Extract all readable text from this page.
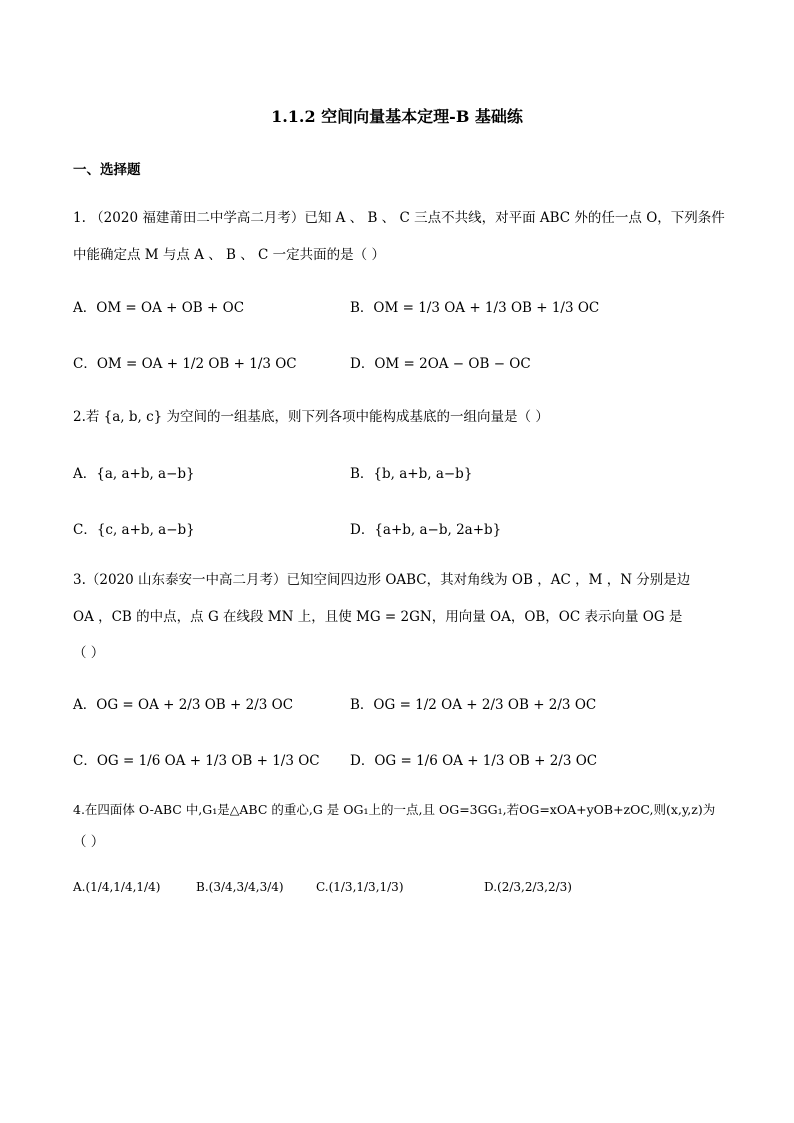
1.1.2 空间向量基本定理-B 基础练
一、选择题
1. （2020 福建莆田二中学高二月考）已知 A 、 B 、 C 三点不共线，对平面 ABC 外的任一点 O，下列条件
中能确定点 M 与点 A 、 B 、 C 一定共面的是（ ）
A．OM = OA + OB + OC	B．OM = 1/3 OA + 1/3 OB + 1/3 OC
C．OM = OA + 1/2 OB + 1/3 OC	D．OM = 2OA − OB − OC
2.若 {a, b, c} 为空间的一组基底，则下列各项中能构成基底的一组向量是（ ）
A．{a, a+b, a−b}	B．{b, a+b, a−b}
C．{c, a+b, a−b}	D．{a+b, a−b, 2a+b}
3.（2020 山东泰安一中高二月考）已知空间四边形 OABC，其对角线为 OB ，AC ，M ，N 分别是边
OA ，CB 的中点，点 G 在线段 MN 上，且使 MG = 2GN，用向量 OA，OB，OC 表示向量 OG 是
（ ）
A．OG = OA + 2/3 OB + 2/3 OC	B．OG = 1/2 OA + 2/3 OB + 2/3 OC
C．OG = 1/6 OA + 1/3 OB + 1/3 OC D．OG = 1/6 OA + 1/3 OB + 2/3 OC
4.在四面体 O-ABC 中,G₁是△ABC 的重心,G 是 OG₁上的一点,且 OG=3GG₁,若OG=xOA+yOB+zOC,则(x,y,z)为
（ ）
A.(1/4,1/4,1/4)	B.(3/4,3/4,3/4)	C.(1/3,1/3,1/3)	D.(2/3,2/3,2/3)
